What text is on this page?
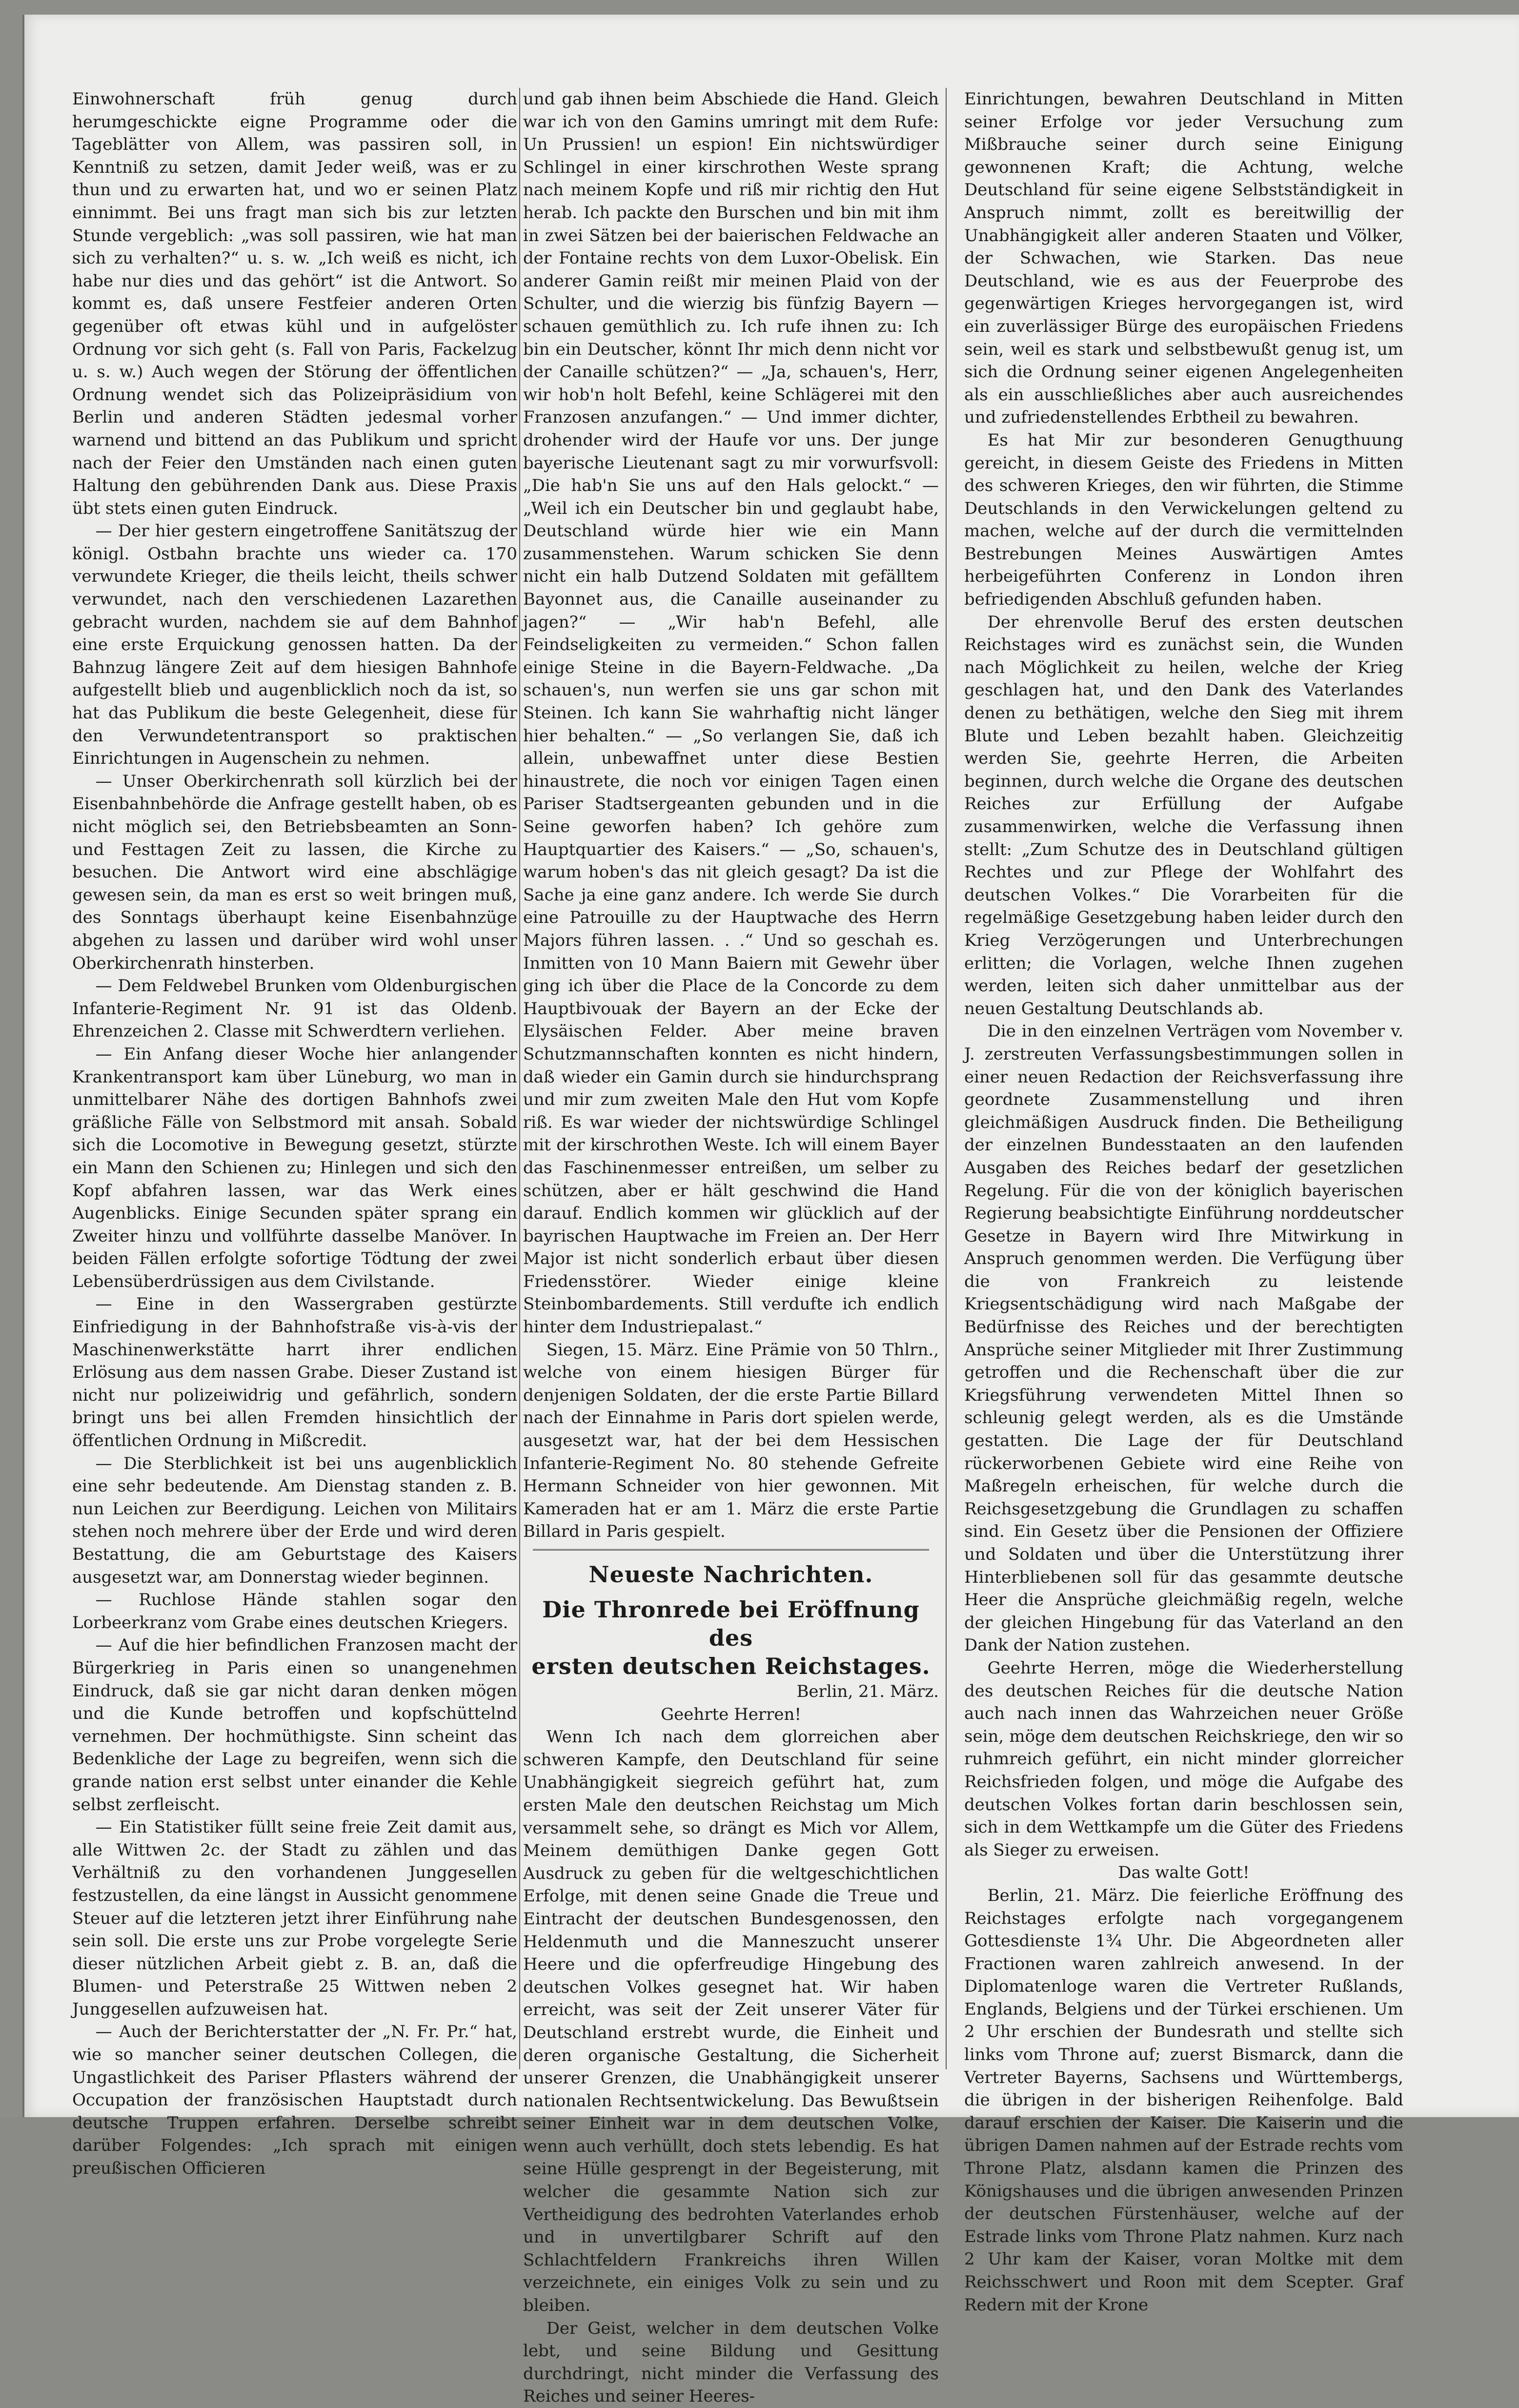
Einwohnerschaft früh genug durch herumgeschickte eigne Programme oder die Tageblätter von Allem, was passiren soll, in Kenntniß zu setzen, damit Jeder weiß, was er zu thun und zu erwarten hat, und wo er seinen Platz einnimmt. Bei uns fragt man sich bis zur letzten Stunde vergeblich: „was soll passiren, wie hat man sich zu verhalten?“ u. s. w. „Ich weiß es nicht, ich habe nur dies und das gehört“ ist die Antwort. So kommt es, daß unsere Festfeier anderen Orten gegenüber oft etwas kühl und in aufgelöster Ordnung vor sich geht (s. Fall von Paris, Fackelzug u. s. w.) Auch wegen der Störung der öffentlichen Ordnung wendet sich das Polizeipräsidium von Berlin und anderen Städten jedesmal vorher warnend und bittend an das Publikum und spricht nach der Feier den Umständen nach einen guten Haltung den gebührenden Dank aus. Diese Praxis übt stets einen guten Eindruck.

— Der hier gestern eingetroffene Sanitätszug der königl. Ostbahn brachte uns wieder ca. 170 verwundete Krieger, die theils leicht, theils schwer verwundet, nach den verschiedenen Lazarethen gebracht wurden, nachdem sie auf dem Bahnhof eine erste Erquickung genossen hatten. Da der Bahnzug längere Zeit auf dem hiesigen Bahnhofe aufgestellt blieb und augenblicklich noch da ist, so hat das Publikum die beste Gelegenheit, diese für den Verwundetentransport so praktischen Einrichtungen in Augenschein zu nehmen.

— Unser Oberkirchenrath soll kürzlich bei der Eisenbahnbehörde die Anfrage gestellt haben, ob es nicht möglich sei, den Betriebsbeamten an Sonn- und Festtagen Zeit zu lassen, die Kirche zu besuchen. Die Antwort wird eine abschlägige gewesen sein, da man es erst so weit bringen muß, des Sonntags überhaupt keine Eisenbahnzüge abgehen zu lassen und darüber wird wohl unser Oberkirchenrath hinsterben.

— Dem Feldwebel Brunken vom Oldenburgischen Infanterie-Regiment Nr. 91 ist das Oldenb. Ehrenzeichen 2. Classe mit Schwerdtern verliehen.

— Ein Anfang dieser Woche hier anlangender Krankentransport kam über Lüneburg, wo man in unmittelbarer Nähe des dortigen Bahnhofs zwei gräßliche Fälle von Selbstmord mit ansah. Sobald sich die Locomotive in Bewegung gesetzt, stürzte ein Mann den Schienen zu; Hinlegen und sich den Kopf abfahren lassen, war das Werk eines Augenblicks. Einige Secunden später sprang ein Zweiter hinzu und vollführte dasselbe Manöver. In beiden Fällen erfolgte sofortige Tödtung der zwei Lebensüberdrüssigen aus dem Civilstande.

— Eine in den Wassergraben gestürzte Einfriedigung in der Bahnhofstraße vis-à-vis der Maschinenwerkstätte harrt ihrer endlichen Erlösung aus dem nassen Grabe. Dieser Zustand ist nicht nur polizeiwidrig und gefährlich, sondern bringt uns bei allen Fremden hinsichtlich der öffentlichen Ordnung in Mißcredit.

— Die Sterblichkeit ist bei uns augenblicklich eine sehr bedeutende. Am Dienstag standen z. B. nun Leichen zur Beerdigung. Leichen von Militairs stehen noch mehrere über der Erde und wird deren Bestattung, die am Geburtstage des Kaisers ausgesetzt war, am Donnerstag wieder beginnen.

— Ruchlose Hände stahlen sogar den Lorbeerkranz vom Grabe eines deutschen Kriegers.

— Auf die hier befindlichen Franzosen macht der Bürgerkrieg in Paris einen so unangenehmen Eindruck, daß sie gar nicht daran denken mögen und die Kunde betroffen und kopfschüttelnd vernehmen. Der hochmüthigste. Sinn scheint das Bedenkliche der Lage zu begreifen, wenn sich die grande nation erst selbst unter einander die Kehle selbst zerfleischt.

— Ein Statistiker füllt seine freie Zeit damit aus, alle Wittwen 2c. der Stadt zu zählen und das Verhältniß zu den vorhandenen Junggesellen festzustellen, da eine längst in Aussicht genommene Steuer auf die letzteren jetzt ihrer Einführung nahe sein soll. Die erste uns zur Probe vorgelegte Serie dieser nützlichen Arbeit giebt z. B. an, daß die Blumen- und Peterstraße 25 Wittwen neben 2 Junggesellen aufzuweisen hat.

— Auch der Berichterstatter der „N. Fr. Pr.“ hat, wie so mancher seiner deutschen Collegen, die Ungastlichkeit des Pariser Pflasters während der Occupation der französischen Hauptstadt durch deutsche Truppen erfahren. Derselbe schreibt darüber Folgendes: „Ich sprach mit einigen preußischen Officieren

und gab ihnen beim Abschiede die Hand. Gleich war ich von den Gamins umringt mit dem Rufe: Un Prussien! un espion! Ein nichtswürdiger Schlingel in einer kirschrothen Weste sprang nach meinem Kopfe und riß mir richtig den Hut herab. Ich packte den Burschen und bin mit ihm in zwei Sätzen bei der baierischen Feldwache an der Fontaine rechts von dem Luxor-Obelisk. Ein anderer Gamin reißt mir meinen Plaid von der Schulter, und die wierzig bis fünfzig Bayern — schauen gemüthlich zu. Ich rufe ihnen zu: Ich bin ein Deutscher, könnt Ihr mich denn nicht vor der Canaille schützen?“ — „Ja, schauen's, Herr, wir hob'n holt Befehl, keine Schlägerei mit den Franzosen anzufangen.“ — Und immer dichter, drohender wird der Haufe vor uns. Der junge bayerische Lieutenant sagt zu mir vorwurfsvoll: „Die hab'n Sie uns auf den Hals gelockt.“ — „Weil ich ein Deutscher bin und geglaubt habe, Deutschland würde hier wie ein Mann zusammenstehen. Warum schicken Sie denn nicht ein halb Dutzend Soldaten mit gefälltem Bayonnet aus, die Canaille auseinander zu jagen?“ — „Wir hab'n Befehl, alle Feindseligkeiten zu vermeiden.“ Schon fallen einige Steine in die Bayern-Feldwache. „Da schauen's, nun werfen sie uns gar schon mit Steinen. Ich kann Sie wahrhaftig nicht länger hier behalten.“ — „So verlangen Sie, daß ich allein, unbewaffnet unter diese Bestien hinaustrete, die noch vor einigen Tagen einen Pariser Stadtsergeanten gebunden und in die Seine geworfen haben? Ich gehöre zum Hauptquartier des Kaisers.“ — „So, schauen's, warum hoben's das nit gleich gesagt? Da ist die Sache ja eine ganz andere. Ich werde Sie durch eine Patrouille zu der Hauptwache des Herrn Majors führen lassen. . .“ Und so geschah es. Inmitten von 10 Mann Baiern mit Gewehr über ging ich über die Place de la Concorde zu dem Hauptbivouak der Bayern an der Ecke der Elysäischen Felder. Aber meine braven Schutzmannschaften konnten es nicht hindern, daß wieder ein Gamin durch sie hindurchsprang und mir zum zweiten Male den Hut vom Kopfe riß. Es war wieder der nichtswürdige Schlingel mit der kirschrothen Weste. Ich will einem Bayer das Faschinenmesser entreißen, um selber zu schützen, aber er hält geschwind die Hand darauf. Endlich kommen wir glücklich auf der bayrischen Hauptwache im Freien an. Der Herr Major ist nicht sonderlich erbaut über diesen Friedensstörer. Wieder einige kleine Steinbombardements. Still verdufte ich endlich hinter dem Industriepalast.“

Siegen, 15. März. Eine Prämie von 50 Thlrn., welche von einem hiesigen Bürger für denjenigen Soldaten, der die erste Partie Billard nach der Einnahme in Paris dort spielen werde, ausgesetzt war, hat der bei dem Hessischen Infanterie-Regiment No. 80 stehende Gefreite Hermann Schneider von hier gewonnen. Mit Kameraden hat er am 1. März die erste Partie Billard in Paris gespielt.

Neueste Nachrichten.
Die Thronrede bei Eröffnung des
ersten deutschen Reichstages.
Berlin, 21. März.

Geehrte Herren!

Wenn Ich nach dem glorreichen aber schweren Kampfe, den Deutschland für seine Unabhängigkeit siegreich geführt hat, zum ersten Male den deutschen Reichstag um Mich versammelt sehe, so drängt es Mich vor Allem, Meinem demüthigen Danke gegen Gott Ausdruck zu geben für die weltgeschichtlichen Erfolge, mit denen seine Gnade die Treue und Eintracht der deutschen Bundesgenossen, den Heldenmuth und die Manneszucht unserer Heere und die opferfreudige Hingebung des deutschen Volkes gesegnet hat. Wir haben erreicht, was seit der Zeit unserer Väter für Deutschland erstrebt wurde, die Einheit und deren organische Gestaltung, die Sicherheit unserer Grenzen, die Unabhängigkeit unserer nationalen Rechtsentwickelung. Das Bewußtsein seiner Einheit war in dem deutschen Volke, wenn auch verhüllt, doch stets lebendig. Es hat seine Hülle gesprengt in der Begeisterung, mit welcher die gesammte Nation sich zur Vertheidigung des bedrohten Vaterlandes erhob und in unvertilgbarer Schrift auf den Schlachtfeldern Frankreichs ihren Willen verzeichnete, ein einiges Volk zu sein und zu bleiben.

Der Geist, welcher in dem deutschen Volke lebt, und seine Bildung und Gesittung durchdringt, nicht minder die Verfassung des Reiches und seiner Heeres-

Einrichtungen, bewahren Deutschland in Mitten seiner Erfolge vor jeder Versuchung zum Mißbrauche seiner durch seine Einigung gewonnenen Kraft; die Achtung, welche Deutschland für seine eigene Selbstständigkeit in Anspruch nimmt, zollt es bereitwillig der Unabhängigkeit aller anderen Staaten und Völker, der Schwachen, wie Starken. Das neue Deutschland, wie es aus der Feuerprobe des gegenwärtigen Krieges hervorgegangen ist, wird ein zuverlässiger Bürge des europäischen Friedens sein, weil es stark und selbstbewußt genug ist, um sich die Ordnung seiner eigenen Angelegenheiten als ein ausschließliches aber auch ausreichendes und zufriedenstellendes Erbtheil zu bewahren.

Es hat Mir zur besonderen Genugthuung gereicht, in diesem Geiste des Friedens in Mitten des schweren Krieges, den wir führten, die Stimme Deutschlands in den Verwickelungen geltend zu machen, welche auf der durch die vermittelnden Bestrebungen Meines Auswärtigen Amtes herbeigeführten Conferenz in London ihren befriedigenden Abschluß gefunden haben.

Der ehrenvolle Beruf des ersten deutschen Reichstages wird es zunächst sein, die Wunden nach Möglichkeit zu heilen, welche der Krieg geschlagen hat, und den Dank des Vaterlandes denen zu bethätigen, welche den Sieg mit ihrem Blute und Leben bezahlt haben. Gleichzeitig werden Sie, geehrte Herren, die Arbeiten beginnen, durch welche die Organe des deutschen Reiches zur Erfüllung der Aufgabe zusammenwirken, welche die Verfassung ihnen stellt: „Zum Schutze des in Deutschland gültigen Rechtes und zur Pflege der Wohlfahrt des deutschen Volkes.“ Die Vorarbeiten für die regelmäßige Gesetzgebung haben leider durch den Krieg Verzögerungen und Unterbrechungen erlitten; die Vorlagen, welche Ihnen zugehen werden, leiten sich daher unmittelbar aus der neuen Gestaltung Deutschlands ab.

Die in den einzelnen Verträgen vom November v. J. zerstreuten Verfassungsbestimmungen sollen in einer neuen Redaction der Reichsverfassung ihre geordnete Zusammenstellung und ihren gleichmäßigen Ausdruck finden. Die Betheiligung der einzelnen Bundesstaaten an den laufenden Ausgaben des Reiches bedarf der gesetzlichen Regelung. Für die von der königlich bayerischen Regierung beabsichtigte Einführung norddeutscher Gesetze in Bayern wird Ihre Mitwirkung in Anspruch genommen werden. Die Verfügung über die von Frankreich zu leistende Kriegsentschädigung wird nach Maßgabe der Bedürfnisse des Reiches und der berechtigten Ansprüche seiner Mitglieder mit Ihrer Zustimmung getroffen und die Rechenschaft über die zur Kriegsführung verwendeten Mittel Ihnen so schleunig gelegt werden, als es die Umstände gestatten. Die Lage der für Deutschland rückerworbenen Gebiete wird eine Reihe von Maßregeln erheischen, für welche durch die Reichsgesetzgebung die Grundlagen zu schaffen sind. Ein Gesetz über die Pensionen der Offiziere und Soldaten und über die Unterstützung ihrer Hinterbliebenen soll für das gesammte deutsche Heer die Ansprüche gleichmäßig regeln, welche der gleichen Hingebung für das Vaterland an den Dank der Nation zustehen.

Geehrte Herren, möge die Wiederherstellung des deutschen Reiches für die deutsche Nation auch nach innen das Wahrzeichen neuer Größe sein, möge dem deutschen Reichskriege, den wir so ruhmreich geführt, ein nicht minder glorreicher Reichsfrieden folgen, und möge die Aufgabe des deutschen Volkes fortan darin beschlossen sein, sich in dem Wettkampfe um die Güter des Friedens als Sieger zu erweisen.

Das walte Gott!

Berlin, 21. März. Die feierliche Eröffnung des Reichstages erfolgte nach vorgegangenem Gottesdienste 1¾ Uhr. Die Abgeordneten aller Fractionen waren zahlreich anwesend. In der Diplomatenloge waren die Vertreter Rußlands, Englands, Belgiens und der Türkei erschienen. Um 2 Uhr erschien der Bundesrath und stellte sich links vom Throne auf; zuerst Bismarck, dann die Vertreter Bayerns, Sachsens und Württembergs, die übrigen in der bisherigen Reihenfolge. Bald darauf erschien der Kaiser. Die Kaiserin und die übrigen Damen nahmen auf der Estrade rechts vom Throne Platz, alsdann kamen die Prinzen des Königshauses und die übrigen anwesenden Prinzen der deutschen Fürstenhäuser, welche auf der Estrade links vom Throne Platz nahmen. Kurz nach 2 Uhr kam der Kaiser, voran Moltke mit dem Reichsschwert und Roon mit dem Scepter. Graf Redern mit der Krone
